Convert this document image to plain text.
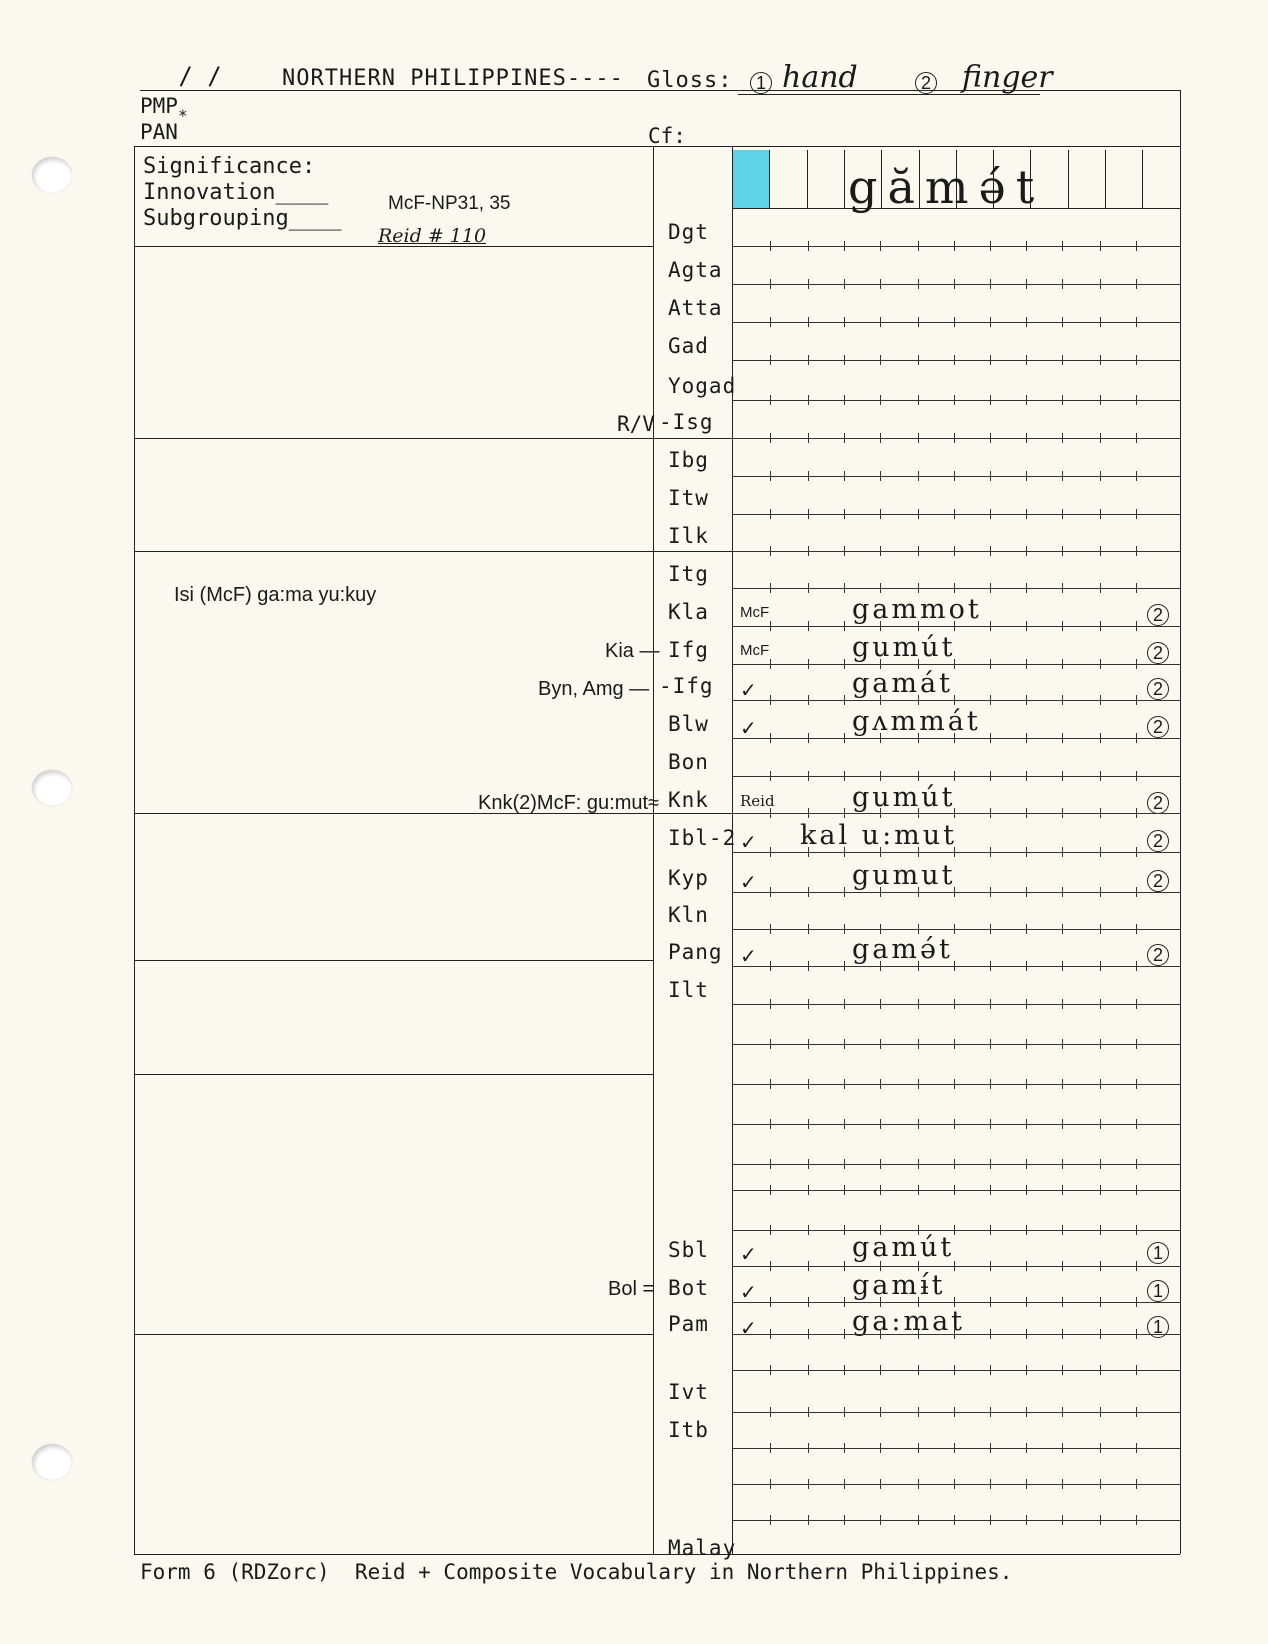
/ /	NORTHERN PHILIPPINES---- Gloss:	1 hand	2 finger
$PMP_*$
PAN	Cf:
Significance:
Innovation____
Subgrouping____
McF-NP31, 35
Reid # 110
gămə́t
Dgt
Agta
Atta
Gad
Yogad
-Isg
Ibg
Itw
Ilk
Itg
Kla McF	gammot	2
Ifg McF	gumút	2
-Ifg ✓	gamát	2
Blw ✓	gʌmmát	2
Bon
Knk Reid	gumút	2
Ibl-2 ✓ kal u:mut	2
Kyp ✓	gumut	2
Kln
Pang ✓	gamə́t	2
Ilt
Sbl ✓	gamút	1
Bot ✓	gamɨ́t	1
Pam ✓	ga:mat	1
Ivt
Itb
Malay
Isi (McF) ga:ma yu:kuy
Kia —
Byn, Amg —
Knk(2)McF: gu:mut≈
R/V
Bol =
Form 6 (RDZorc)  Reid + Composite Vocabulary in Northern Philippines.
